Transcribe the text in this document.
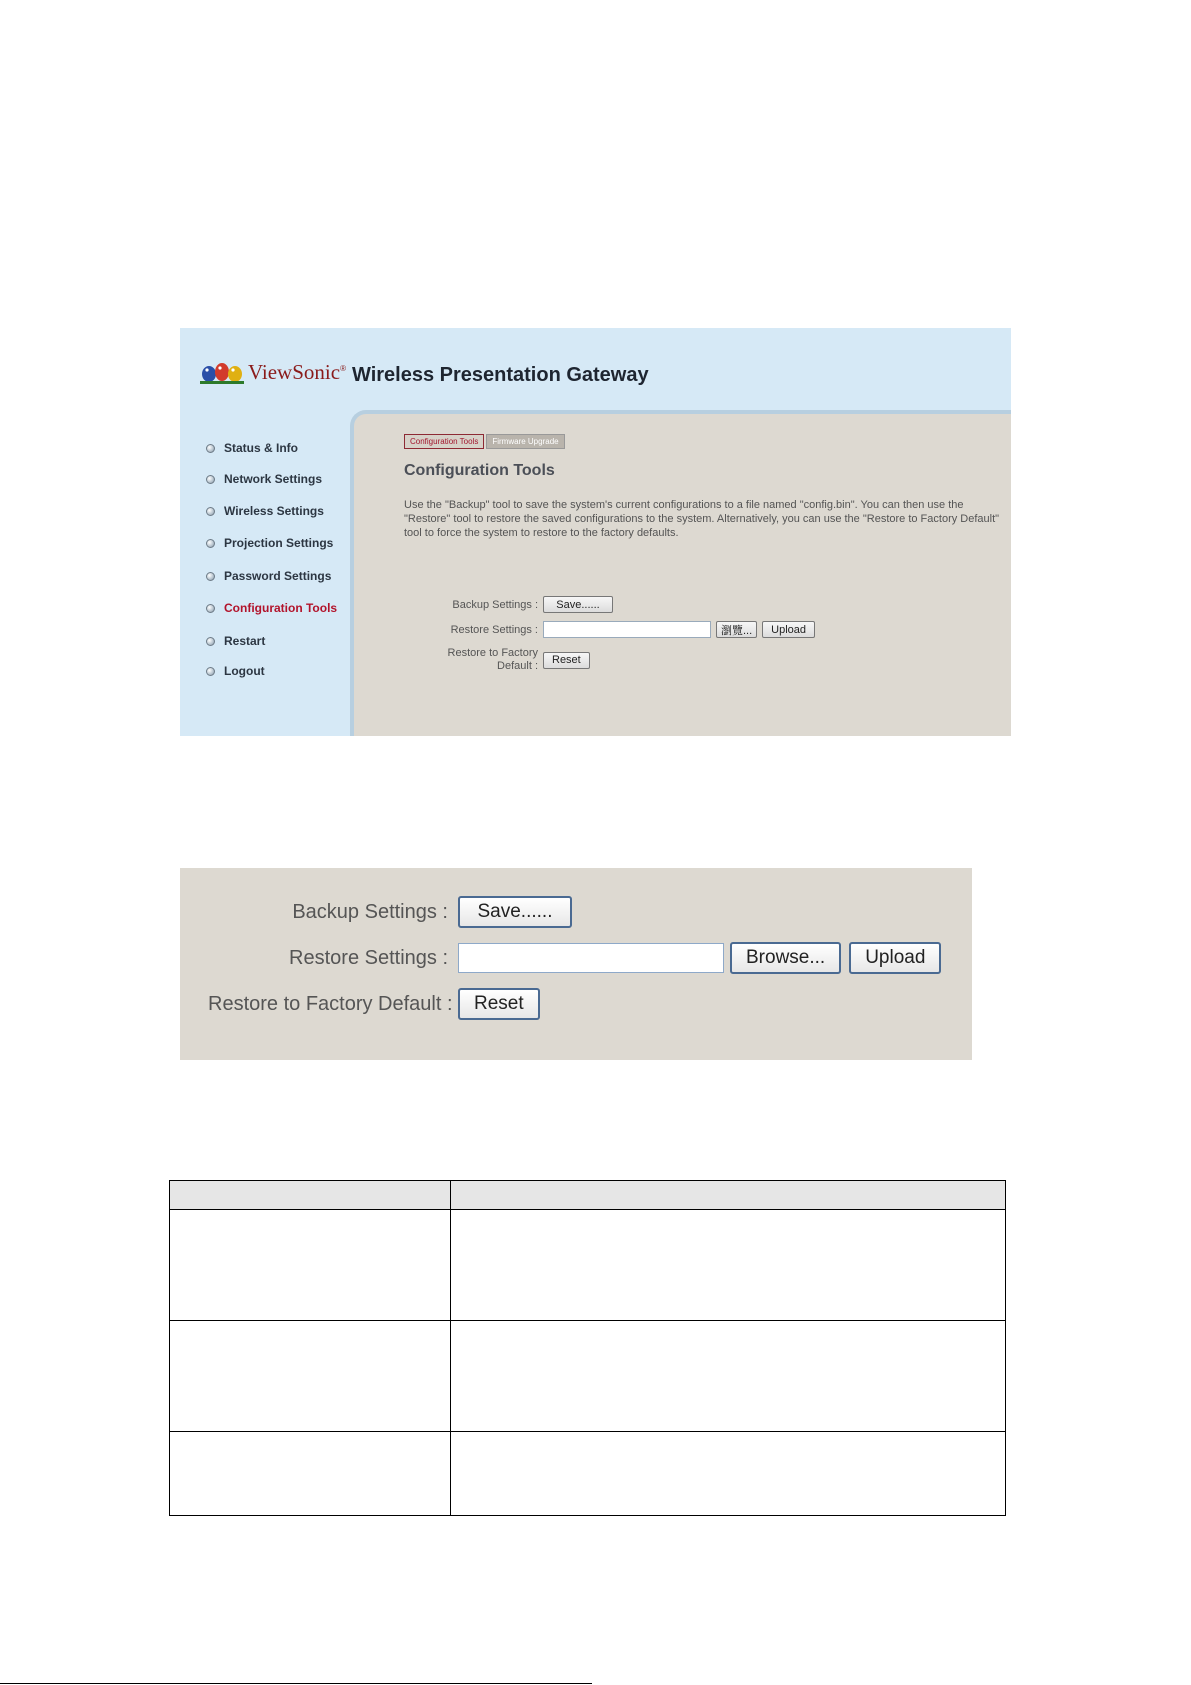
ViewSonic ® Wireless Presentation Gateway
Status & Info
Network Settings
Wireless Settings
Projection Settings
Password Settings
Configuration Tools
Restart
Logout
Configuration Tools	Firmware Upgrade
Configuration Tools

Use the "Backup" tool to save the system's current configurations to a file named "config.bin". You can then use the "Restore" tool to restore the saved configurations to the system. Alternatively, you can use the "Restore to Factory Default" tool to force the system to restore to the factory defaults.

Backup Settings :	Save......
Restore Settings :	瀏覽...	Upload
Restore to Factory
Default :	Reset
Backup Settings :	Save......
Restore Settings :	Browse...	Upload
Restore to Factory Default :	Reset
